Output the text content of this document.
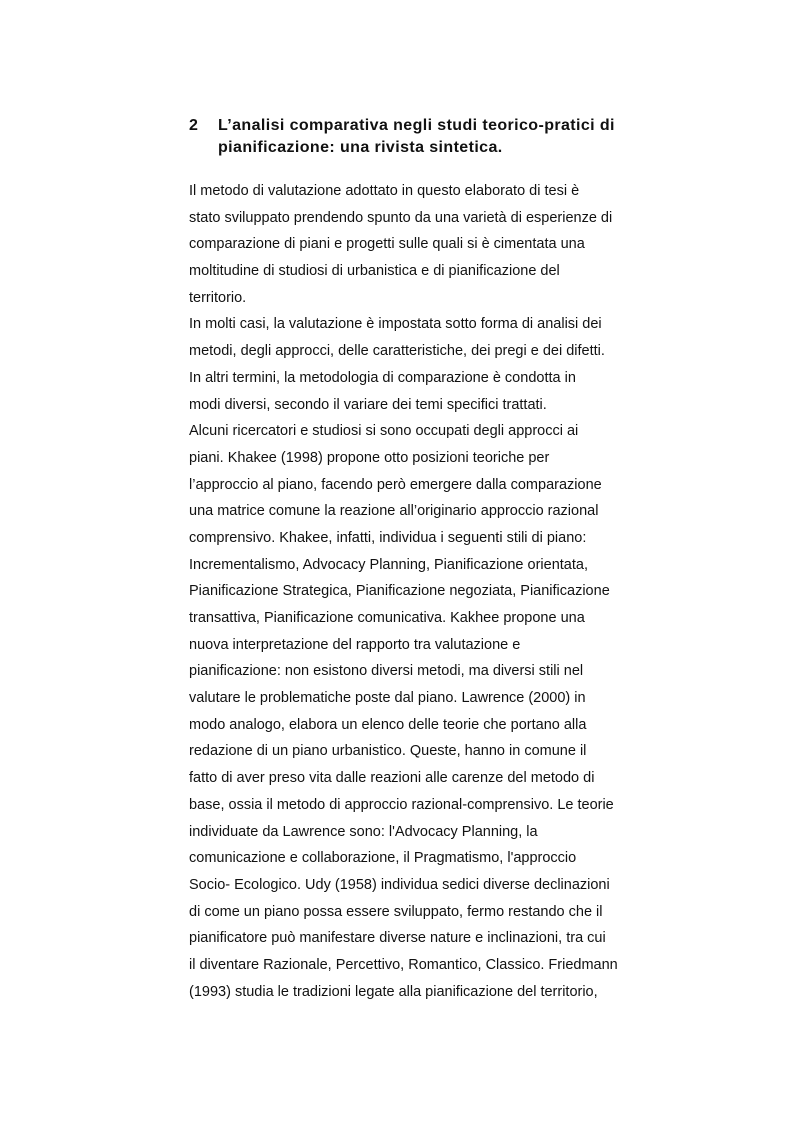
2 L’analisi comparativa negli studi teorico-pratici di pianificazione: una rivista sintetica.
Il metodo di valutazione adottato in questo elaborato di tesi è
stato sviluppato prendendo spunto da una varietà di esperienze di
comparazione di piani e progetti sulle quali si è cimentata una
moltitudine di studiosi di urbanistica e di pianificazione del
territorio.
In molti casi, la valutazione è impostata sotto forma di analisi dei
metodi, degli approcci, delle caratteristiche, dei pregi e dei difetti.
In altri termini, la metodologia di comparazione è condotta in
modi diversi, secondo il variare dei temi specifici trattati.
Alcuni ricercatori e studiosi si sono occupati degli approcci ai
piani. Khakee (1998) propone otto posizioni teoriche per
l’approccio al piano, facendo però emergere dalla comparazione
una matrice comune la reazione all’originario approccio razional
comprensivo. Khakee, infatti, individua i seguenti stili di piano:
Incrementalismo, Advocacy Planning, Pianificazione orientata,
Pianificazione Strategica, Pianificazione negoziata, Pianificazione
transattiva, Pianificazione comunicativa. Kakhee propone una
nuova interpretazione del rapporto tra valutazione e
pianificazione: non esistono diversi metodi, ma diversi stili nel
valutare le problematiche poste dal piano. Lawrence (2000) in
modo analogo, elabora un elenco delle teorie che portano alla
redazione di un piano urbanistico. Queste, hanno in comune il
fatto di aver preso vita dalle reazioni alle carenze del metodo di
base, ossia il metodo di approccio razional-comprensivo. Le teorie
individuate da Lawrence sono: l'Advocacy Planning, la
comunicazione e collaborazione, il Pragmatismo, l'approccio
Socio- Ecologico. Udy (1958) individua sedici diverse declinazioni
di come un piano possa essere sviluppato, fermo restando che il
pianificatore può manifestare diverse nature e inclinazioni, tra cui
il diventare Razionale, Percettivo, Romantico, Classico. Friedmann
(1993) studia le tradizioni legate alla pianificazione del territorio,
